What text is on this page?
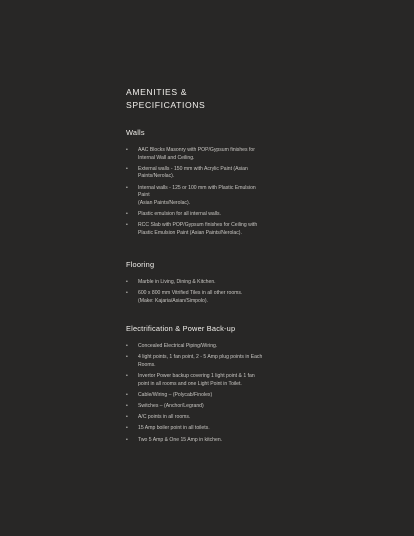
AMENITIES &
SPECIFICATIONS
Walls
• AAC Blocks Masonry with POP/Gypsum finishes for
Internal Wall and Ceiling.
• External walls - 150 mm with Acrylic Paint (Asian
Paints/Nerolac).
• Internal walls - 125 or 100 mm with Plastic Emulsion
Paint
(Asian Paints/Nerolac).
• Plastic emulsion for all internal walls.
• RCC Slab with POP/Gypsum finishes for Ceiling with
Plastic Emulsion Paint (Asian Paints/Nerolac).
Flooring
• Marble in Living, Dining & Kitchen.
• 600 x 800 mm Vitrified Tiles in all other rooms.
(Make: Kajaria/Asian/Simpolo).
Electrification & Power Back-up
• Concealed Electrical Piping/Wiring.
• 4 light points, 1 fan point, 2 - 5 Amp plug points in Each
Rooms.
• Invertor Power backup covering 1 light point & 1 fan
point in all rooms and one Light Point in Toilet.
• Cable/Wiring – (Polycab/Finolex)
• Switches – (Anchor/Legrand)
• A/C points in all rooms.
• 15 Amp boiler point in all toilets.
• Two 5 Amp & One 15 Amp in kitchen.
